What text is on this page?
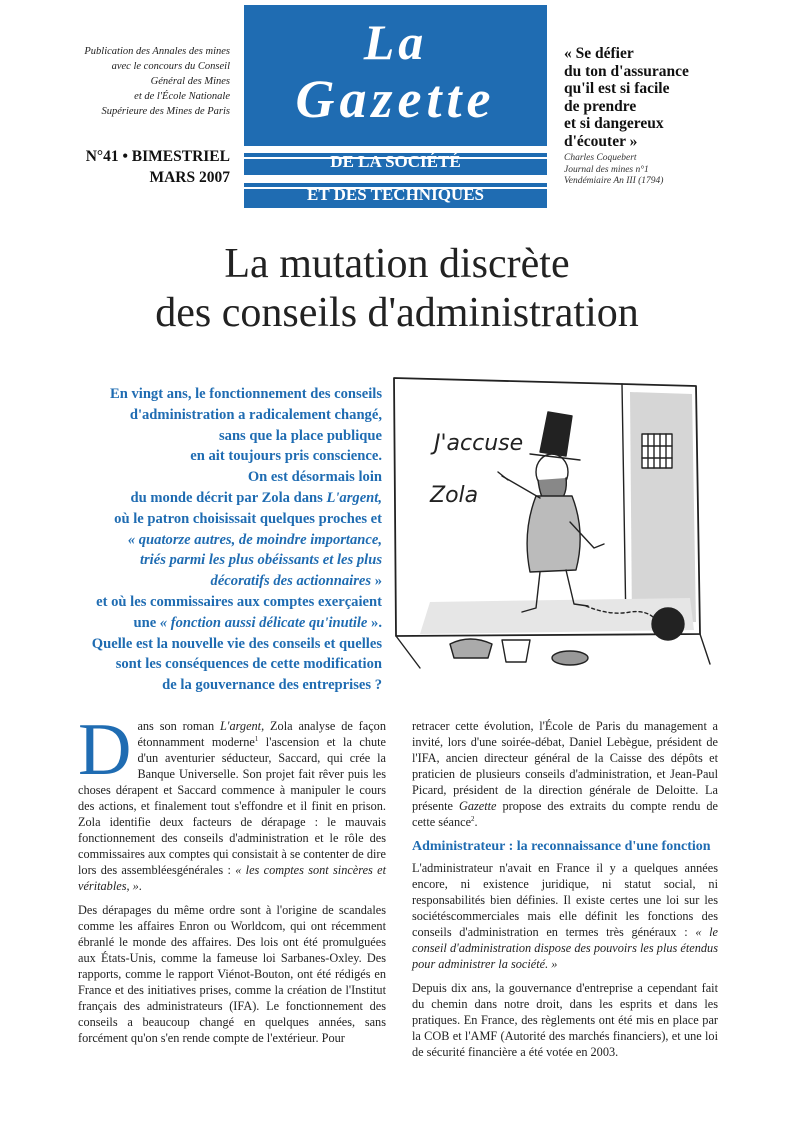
Publication des Annales des mines
avec le concours du Conseil
Général des Mines
et de l'École Nationale
Supérieure des Mines de Paris
N°41 • BIMESTRIEL
MARS 2007
La
Gazette
DE LA SOCIÉTÉ
ET DES TECHNIQUES
« Se défier
du ton d'assurance
qu'il est si facile
de prendre
et si dangereux
d'écouter »
Charles Coquebert
Journal des mines n°1
Vendémiaire An III (1794)
La mutation discrète
des conseils d'administration
En vingt ans, le fonctionnement des conseils
d'administration a radicalement changé,
sans que la place publique
en ait toujours pris conscience.
On est désormais loin
du monde décrit par Zola dans L'argent,
où le patron choisissait quelques proches et
« quatorze autres, de moindre importance,
triés parmi les plus obéissants et les plus
décoratifs des actionnaires »
et où les commissaires aux comptes exerçaient
une « fonction aussi délicate qu'inutile ».
Quelle est la nouvelle vie des conseils et quelles
sont les conséquences de cette modification
de la gouvernance des entreprises ?
J'accuse
Zola

Dans son roman L'argent, Zola analyse de façon étonnamment moderne$^1$ l'ascension et la chute d'un aventurier séducteur, Saccard, qui crée la Banque Universelle. Son projet fait rêver puis les choses dérapent et Saccard commence à manipuler le cours des actions, et finalement tout s'effondre et il finit en prison. Zola identifie deux facteurs de dérapage : le mauvais fonctionnement des conseils d'administration et le rôle des commissaires aux comptes qui consistait à se contenter de dire lors des assembléesgénérales : « les comptes sont sincères et véritables, ».

Des dérapages du même ordre sont à l'origine de scandales comme les affaires Enron ou Worldcom, qui ont récemment ébranlé le monde des affaires. Des lois ont été promulguées aux États-Unis, comme la fameuse loi Sarbanes-Oxley. Des rapports, comme le rapport Viénot-Bouton, ont été rédigés en France et des initiatives prises, comme la création de l'Institut français des administrateurs (IFA). Le fonctionnement des conseils a beaucoup changé en quelques années, sans forcément qu'on s'en rende compte de l'extérieur. Pour

retracer cette évolution, l'École de Paris du management a invité, lors d'une soirée-débat, Daniel Lebègue, président de l'IFA, ancien directeur général de la Caisse des dépôts et praticien de plusieurs conseils d'administration, et Jean-Paul Picard, président de la direction générale de Deloitte. La présente Gazette propose des extraits du compte rendu de cette séance$^2$.

Administrateur : la reconnaissance d'une fonction

L'administrateur n'avait en France il y a quelques années encore, ni existence juridique, ni statut social, ni responsabilités bien définies. Il existe certes une loi sur les sociétéscommerciales mais elle définit les fonctions des conseils d'administration en termes très généraux : « le conseil d'administration dispose des pouvoirs les plus étendus pour administrer la société. »

Depuis dix ans, la gouvernance d'entreprise a cependant fait du chemin dans notre droit, dans les esprits et dans les pratiques. En France, des règlements ont été mis en place par la COB et l'AMF (Autorité des marchés financiers), et une loi de sécurité financière a été votée en 2003.
